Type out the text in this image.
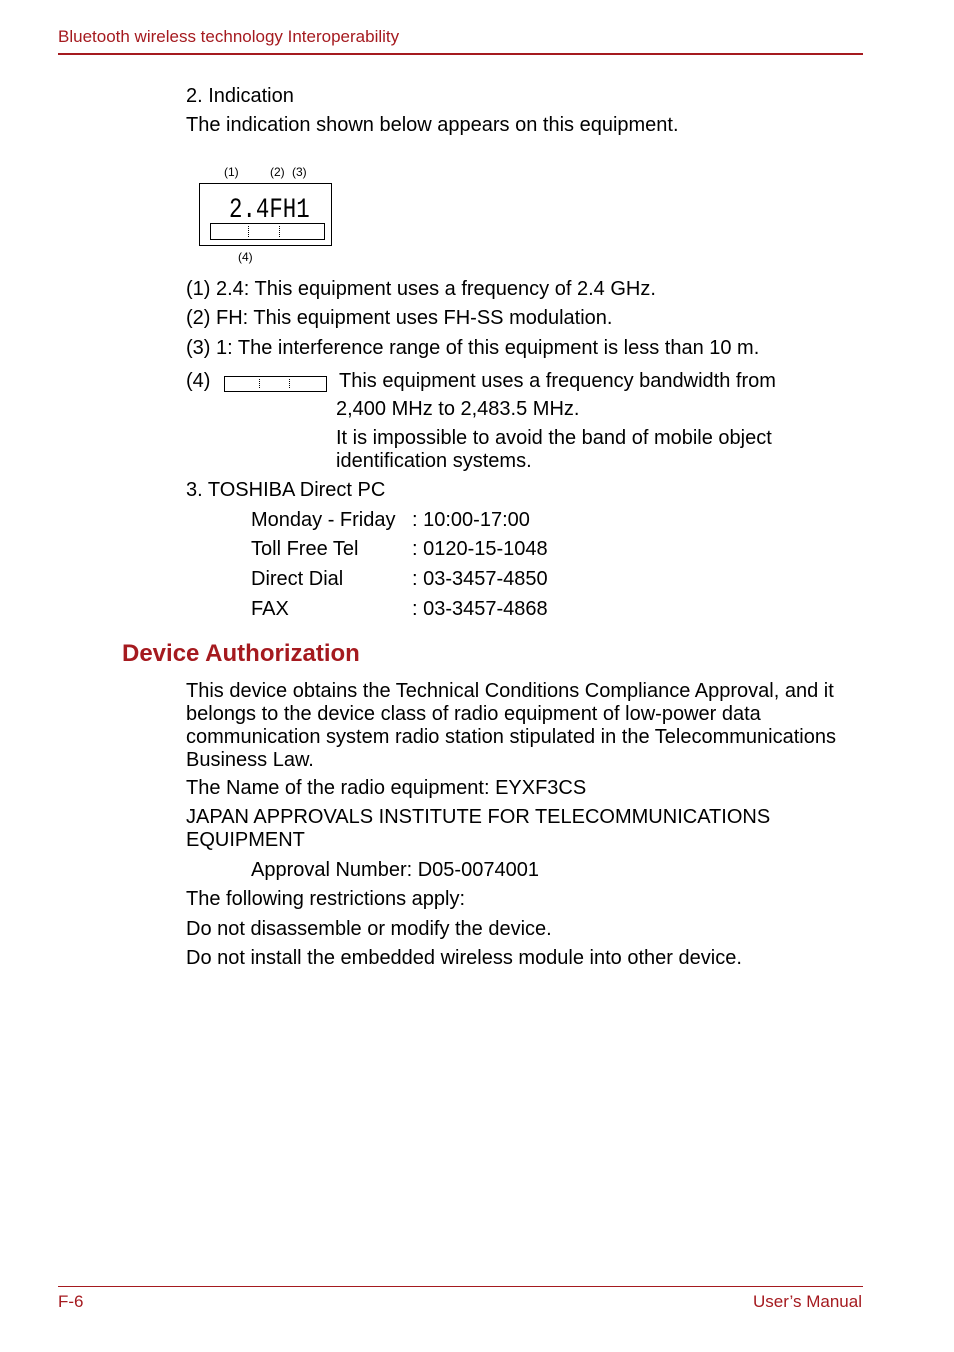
Bluetooth wireless technology Interoperability
2. Indication
The indication shown below appears on this equipment.
(1)	(2) (3)
2.4FH1
(4)
(1) 2.4: This equipment uses a frequency of 2.4 GHz.
(2) FH: This equipment uses FH-SS modulation.
(3) 1: The interference range of this equipment is less than 10 m.
(4)	This equipment uses a frequency bandwidth from
2,400 MHz to 2,483.5 MHz.
It is impossible to avoid the band of mobile object identification systems.
3. TOSHIBA Direct PC
Monday - Friday : 10:00-17:00
Toll Free Tel	: 0120-15-1048
Direct Dial	: 03-3457-4850
FAX	: 03-3457-4868
Device Authorization
This device obtains the Technical Conditions Compliance Approval, and it belongs to the device class of radio equipment of low-power data communication system radio station stipulated in the Telecommunications Business Law.
The Name of the radio equipment: EYXF3CS
JAPAN APPROVALS INSTITUTE FOR TELECOMMUNICATIONS EQUIPMENT
Approval Number: D05-0074001
The following restrictions apply:
Do not disassemble or modify the device.
Do not install the embedded wireless module into other device.
F-6	User’s Manual
